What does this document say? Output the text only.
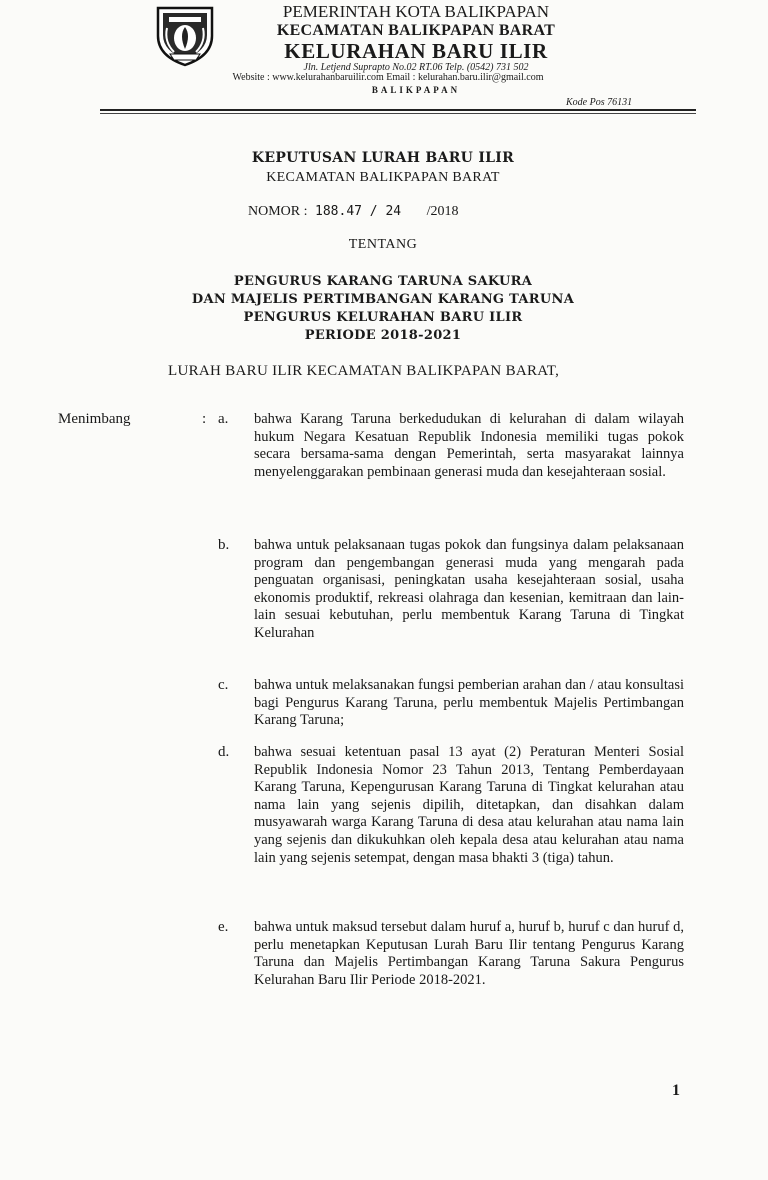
PEMERINTAH KOTA BALIKPAPAN
KECAMATAN BALIKPAPAN BARAT
KELURAHAN BARU ILIR
Jln. Letjend Suprapto No.02 RT.06 Telp. (0542) 731 502
Website : www.kelurahanbaruilir.com Email : kelurahan.baru.ilir@gmail.com
BALIKPAPAN
Kode Pos 76131
KEPUTUSAN LURAH BARU ILIR
KECAMATAN BALIKPAPAN BARAT
NOMOR : 188.47 / 24 /2018
TENTANG
PENGURUS KARANG TARUNA SAKURA
DAN MAJELIS PERTIMBANGAN KARANG TARUNA
PENGURUS KELURAHAN BARU ILIR
PERIODE 2018-2021
LURAH BARU ILIR KECAMATAN BALIKPAPAN BARAT,
Menimbang	: a. bahwa Karang Taruna berkedudukan di kelurahan di dalam wilayah hukum Negara Kesatuan Republik Indonesia memiliki tugas pokok secara bersama-sama dengan Pemerintah, serta masyarakat lainnya menyelenggarakan pembinaan generasi muda dan kesejahteraan sosial.
b. bahwa untuk pelaksanaan tugas pokok dan fungsinya dalam pelaksanaan program dan pengembangan generasi muda yang mengarah pada penguatan organisasi, peningkatan usaha kesejahteraan sosial, usaha ekonomis produktif, rekreasi olahraga dan kesenian, kemitraan dan lain-lain sesuai kebutuhan, perlu membentuk Karang Taruna di Tingkat Kelurahan
c. bahwa untuk melaksanakan fungsi pemberian arahan dan / atau konsultasi bagi Pengurus Karang Taruna, perlu membentuk Majelis Pertimbangan Karang Taruna;
d. bahwa sesuai ketentuan pasal 13 ayat (2) Peraturan Menteri Sosial Republik Indonesia Nomor 23 Tahun 2013, Tentang Pemberdayaan Karang Taruna, Kepengurusan Karang Taruna di Tingkat kelurahan atau nama lain yang sejenis dipilih, ditetapkan, dan disahkan dalam musyawarah warga Karang Taruna di desa atau kelurahan atau nama lain yang sejenis dan dikukuhkan oleh kepala desa atau kelurahan atau nama lain yang sejenis setempat, dengan masa bhakti 3 (tiga) tahun.
e. bahwa untuk maksud tersebut dalam huruf a, huruf b, huruf c dan huruf d, perlu menetapkan Keputusan Lurah Baru Ilir tentang Pengurus Karang Taruna dan Majelis Pertimbangan Karang Taruna Sakura Pengurus Kelurahan Baru Ilir Periode 2018-2021.
1
